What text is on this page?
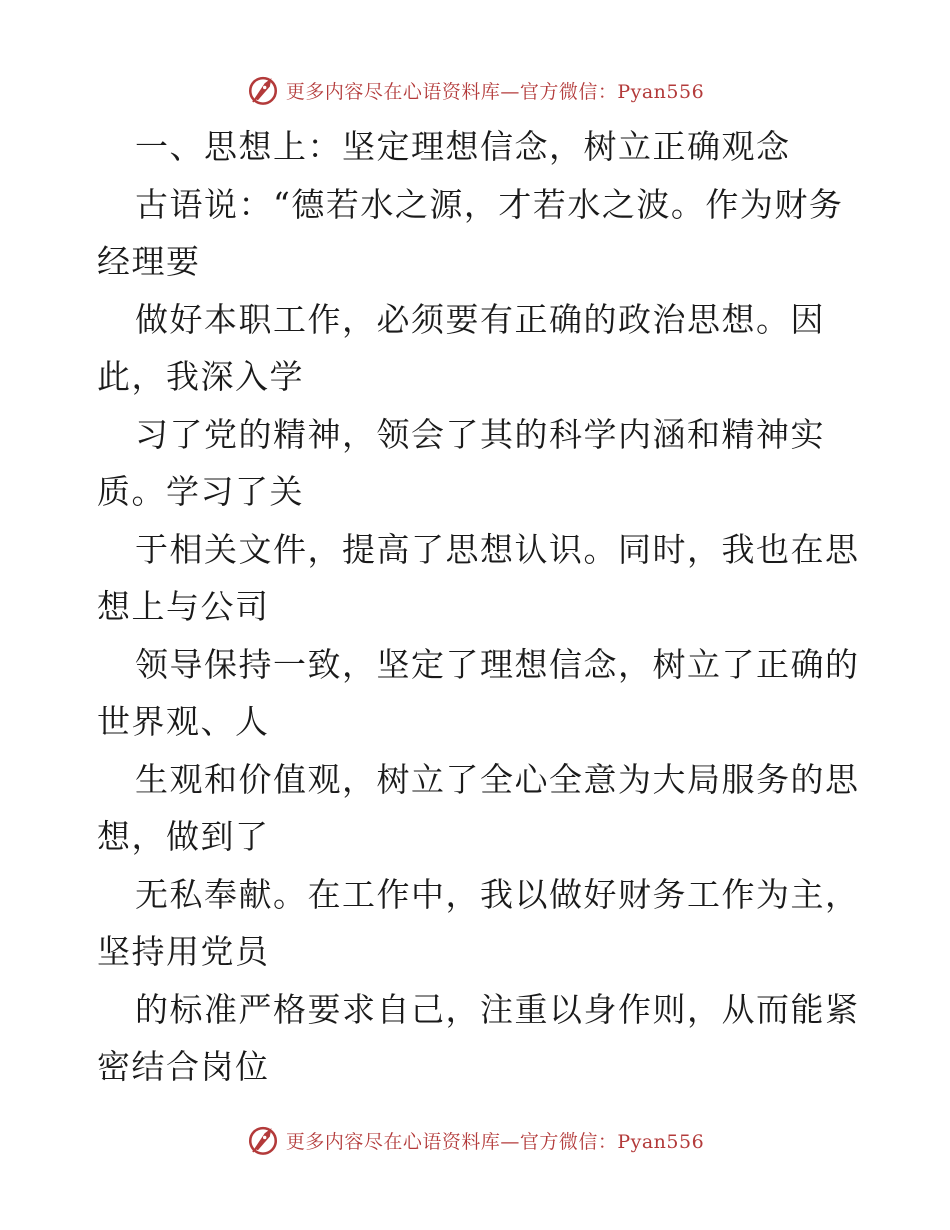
更多内容尽在心语资料库—官方微信：Pyan556
一、思想上：坚定理想信念，树立正确观念
古语说：“德若水之源，才若水之波。作为财务
经理要
做好本职工作，必须要有正确的政治思想。因
此，我深入学
习了党的精神，领会了其的科学内涵和精神实
质。学习了关
于相关文件，提高了思想认识。同时，我也在思
想上与公司
领导保持一致，坚定了理想信念，树立了正确的
世界观、人
生观和价值观，树立了全心全意为大局服务的思
想，做到了
无私奉献。在工作中，我以做好财务工作为主，
坚持用党员
的标准严格要求自己，注重以身作则，从而能紧
密结合岗位
更多内容尽在心语资料库—官方微信：Pyan556
